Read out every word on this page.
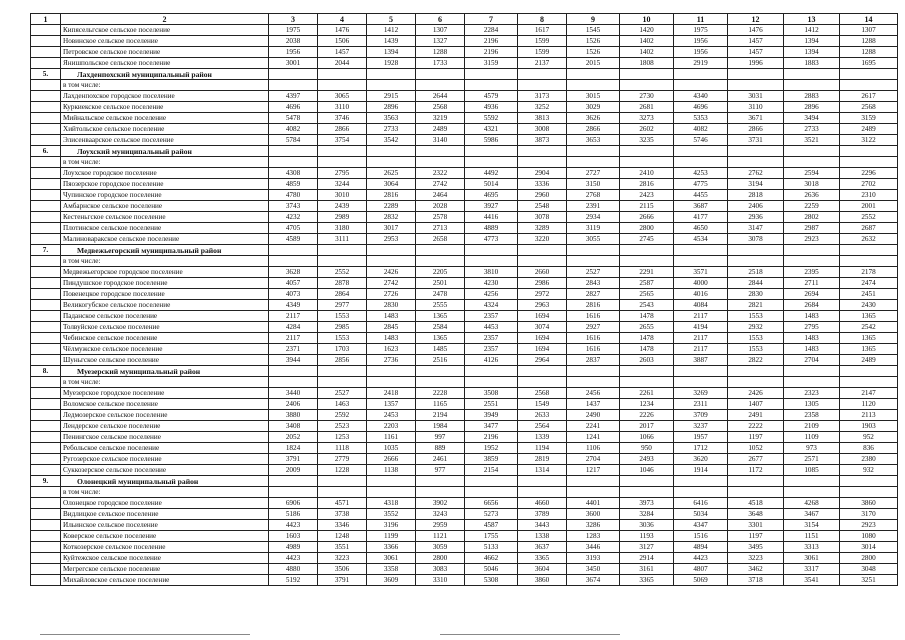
1	2	3	4	5	6	7	8	9	10	11	12	13	14
	Кипясельгское сельское поселение	1975	1476	1412	1307	2284	1617	1545	1420	1975	1476	1412	1307
	Новинское сельское поселение	2038	1506	1439	1327	2196	1599	1526	1402	1956	1457	1394	1288
	Петровское сельское поселение	1956	1457	1394	1288	2196	1599	1526	1402	1956	1457	1394	1288
	Янишпольское сельское поселение	3001	2044	1928	1733	3159	2137	2015	1808	2919	1996	1883	1695
5.	Лахденпохский муниципальный район												
	в том числе:												
	Лахденпохское городское поселение	4397	3065	2915	2644	4579	3173	3015	2730	4340	3031	2883	2617
	Куркиекское сельское поселение	4696	3110	2896	2568	4936	3252	3029	2681	4696	3110	2896	2568
	Мийнальское сельское поселение	5478	3746	3563	3219	5592	3813	3626	3273	5353	3671	3494	3159
	Хийтольское сельское поселение	4082	2866	2733	2489	4321	3008	2866	2602	4082	2866	2733	2489
	Элисенваарское сельское поселение	5784	3754	3542	3140	5986	3873	3653	3235	5746	3731	3521	3122
6.	Лоухский муниципальный район												
	в том числе:												
	Лоухское городское поселение	4308	2795	2625	2322	4492	2904	2727	2410	4253	2762	2594	2296
	Пяозерское городское поселение	4859	3244	3064	2742	5014	3336	3150	2816	4775	3194	3018	2702
	Чупинское городское поселение	4780	3010	2816	2464	4695	2960	2768	2423	4455	2818	2636	2310
	Амбарнское сельское поселение	3743	2439	2289	2028	3927	2548	2391	2115	3687	2406	2259	2001
	Кестеньгское сельское поселение	4232	2989	2832	2578	4416	3078	2934	2666	4177	2936	2802	2552
	Плотинское сельское поселение	4705	3180	3017	2713	4889	3289	3119	2800	4650	3147	2987	2687
	Малиноваракское сельское поселение	4589	3111	2953	2658	4773	3220	3055	2745	4534	3078	2923	2632
7.	Медвежьегорский муниципальный район												
	в том числе:												
	Медвежьегорское городское поселение	3628	2552	2426	2205	3810	2660	2527	2291	3571	2518	2395	2178
	Пиндушское городское поселение	4057	2878	2742	2501	4230	2986	2843	2587	4000	2844	2711	2474
	Повенецкое городское поселение	4073	2864	2726	2478	4256	2972	2827	2565	4016	2830	2694	2451
	Великогубское сельское поселение	4349	2977	2830	2555	4324	2963	2816	2543	4084	2821	2684	2430
	Паданское сельское поселение	2117	1553	1483	1365	2357	1694	1616	1478	2117	1553	1483	1365
	Толвуйское сельское поселение	4284	2985	2845	2584	4453	3074	2927	2655	4194	2932	2795	2542
	Чебинское сельское поселение	2117	1553	1483	1365	2357	1694	1616	1478	2117	1553	1483	1365
	Чёлмужское сельское поселение	2371	1703	1623	1485	2357	1694	1616	1478	2117	1553	1483	1365
	Шуньгское сельское поселение	3944	2856	2736	2516	4126	2964	2837	2603	3887	2822	2704	2489
8.	Муезерский муниципальный район												
	в том числе:												
	Муезерское городское поселение	3440	2527	2418	2228	3508	2568	2456	2261	3269	2426	2323	2147
	Воломское сельское поселение	2406	1463	1357	1165	2551	1549	1437	1234	2311	1407	1305	1120
	Ледмозерское сельское поселение	3880	2592	2453	2194	3949	2633	2490	2226	3709	2491	2358	2113
	Лендерское сельское поселение	3408	2523	2203	1984	3477	2564	2241	2017	3237	2222	2109	1903
	Пенингское сельское поселение	2052	1253	1161	997	2196	1339	1241	1066	1957	1197	1109	952
	Ребольское сельское поселение	1824	1118	1035	889	1952	1194	1106	950	1712	1052	973	836
	Ругозерское сельское поселение	3791	2779	2666	2461	3859	2819	2704	2493	3620	2677	2571	2380
	Суккозерское сельское поселение	2009	1228	1138	977	2154	1314	1217	1046	1914	1172	1085	932
9.	Олонецкий муниципальный район												
	в том числе:												
	Олонецкое городское поселение	6906	4571	4318	3902	6656	4660	4401	3973	6416	4518	4268	3860
	Видлицкое сельское поселение	5186	3738	3552	3243	5273	3789	3600	3284	5034	3648	3467	3170
	Ильинское сельское поселение	4423	3346	3196	2959	4587	3443	3286	3036	4347	3301	3154	2923
	Коверское сельское поселение	1603	1248	1199	1121	1755	1338	1283	1193	1516	1197	1151	1080
	Коткозерское сельское поселение	4989	3551	3366	3059	5133	3637	3446	3127	4894	3495	3313	3014
	Куйтежское сельское поселение	4423	3223	3061	2800	4662	3365	3193	2914	4423	3223	3061	2800
	Мегрегское сельское поселение	4880	3506	3358	3083	5046	3604	3450	3161	4807	3462	3317	3048
	Михайловское сельское поселение	5192	3791	3609	3310	5308	3860	3674	3365	5069	3718	3541	3251
